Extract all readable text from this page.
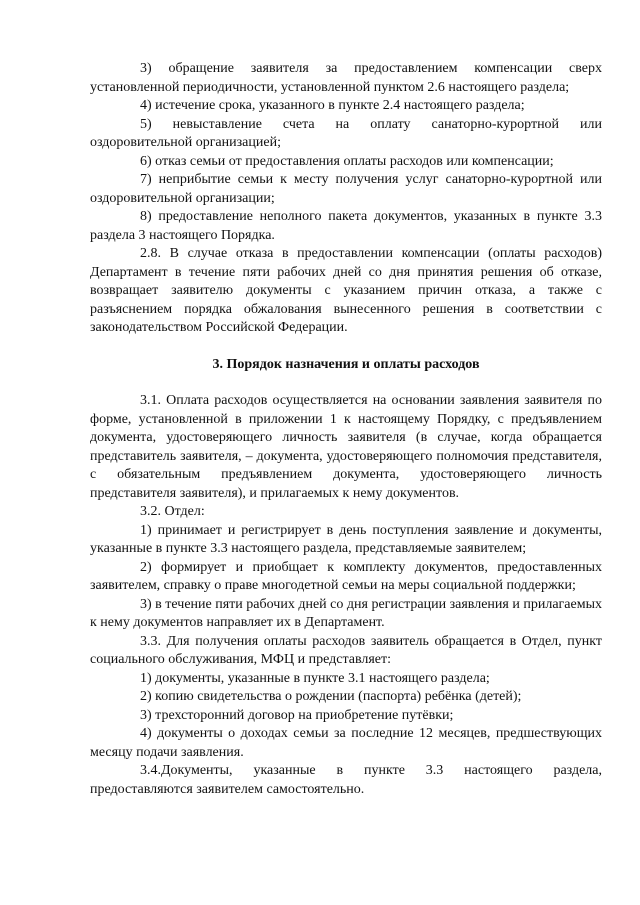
3) обращение заявителя за предоставлением компенсации сверх установленной периодичности, установленной пунктом 2.6 настоящего раздела;

4) истечение срока, указанного в пункте 2.4 настоящего раздела;

5) невыставление счета на оплату санаторно-курортной или оздоровительной организацией;

6) отказ семьи от предоставления оплаты расходов или компенсации;

7) неприбытие семьи к месту получения услуг санаторно-курортной или оздоровительной организации;

8) предоставление неполного пакета документов, указанных в пункте 3.3 раздела 3 настоящего Порядка.

2.8. В случае отказа в предоставлении компенсации (оплаты расходов) Департамент в течение пяти рабочих дней со дня принятия решения об отказе, возвращает заявителю документы с указанием причин отказа, а также с разъяснением порядка обжалования вынесенного решения в соответствии с законодательством Российской Федерации.

3. Порядок назначения и оплаты расходов

3.1. Оплата расходов осуществляется на основании заявления заявителя по форме, установленной в приложении 1 к настоящему Порядку, с предъявлением документа, удостоверяющего личность заявителя (в случае, когда обращается представитель заявителя, – документа, удостоверяющего полномочия представителя, с обязательным предъявлением документа, удостоверяющего личность представителя заявителя), и прилагаемых к нему документов.

3.2. Отдел:

1) принимает и регистрирует в день поступления заявление и документы, указанные в пункте 3.3 настоящего раздела, представляемые заявителем;

2) формирует и приобщает к комплекту документов, предоставленных заявителем, справку о праве многодетной семьи на меры социальной поддержки;

3) в течение пяти рабочих дней со дня регистрации заявления и прилагаемых к нему документов направляет их в Департамент.

3.3. Для получения оплаты расходов заявитель обращается в Отдел, пункт социального обслуживания, МФЦ и представляет:

1) документы, указанные в пункте 3.1 настоящего раздела;

2) копию свидетельства о рождении (паспорта) ребёнка (детей);

3) трехсторонний договор на приобретение путёвки;

4) документы о доходах семьи за последние 12 месяцев, предшествующих месяцу подачи заявления.

3.4.Документы, указанные в пункте 3.3 настоящего раздела, предоставляются заявителем самостоятельно.
